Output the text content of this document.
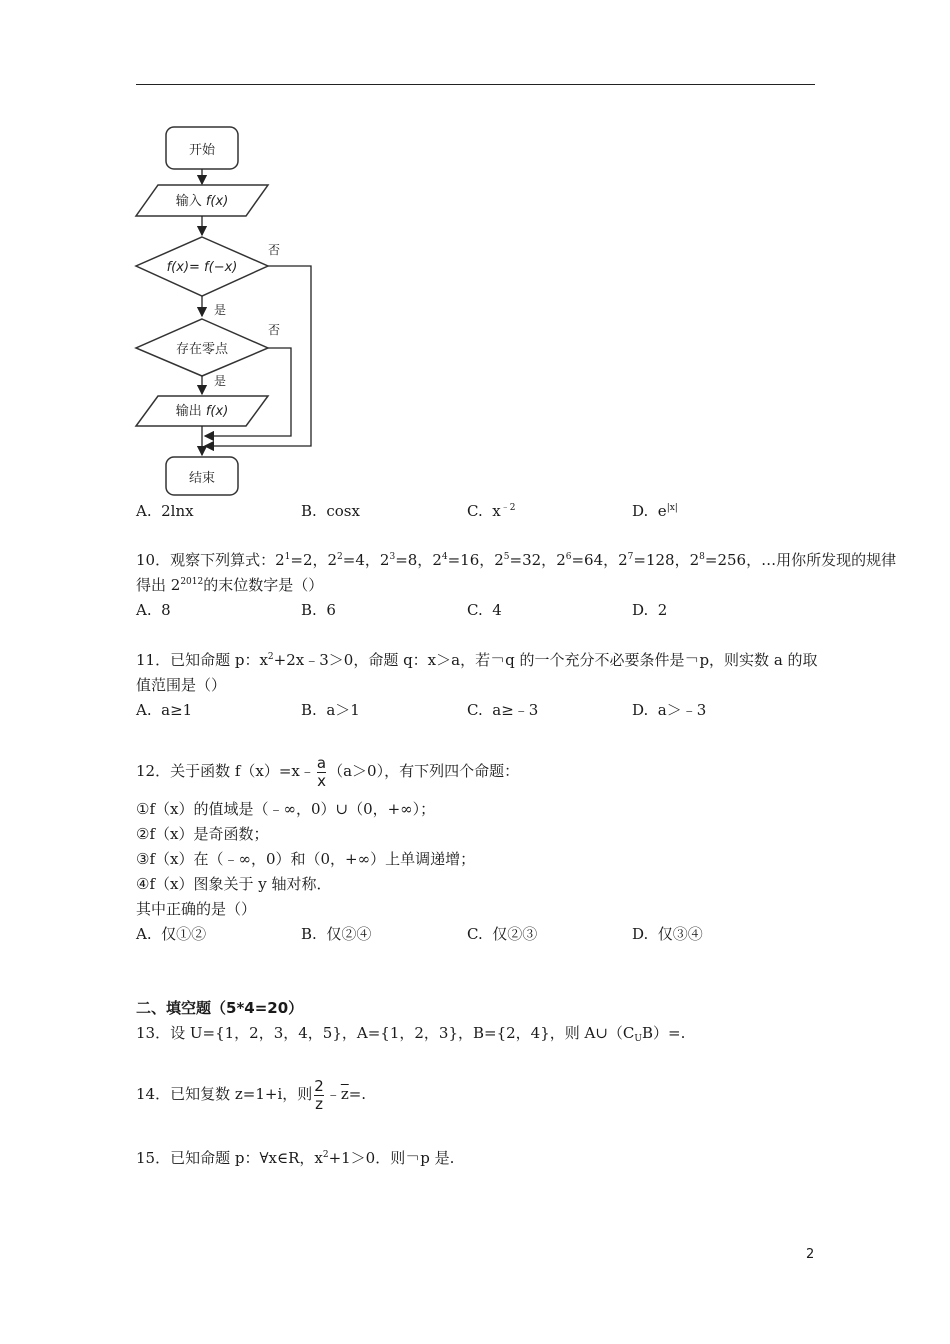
开始
输入 f(x)
f(x)= f(−x)
否
是
存在零点
否
是
输出 f(x)
结束
A.  2lnx	B.  cosx	C.  $x^{﹣2}$	D.  $e^{|x|}$
10．观察下列算式：$2^1=2$，$2^2=4$，$2^3=8$，$2^4=16$，$2^5=32$，$2^6=64$，$2^7=128$，$2^8=256$，…用你所发现的规律
得出 $2^{2012}$的末位数字是（）
A.  8	B.  6	C.  4	D.  2
11．已知命题 p：$x^2+2x﹣3>0$，命题 q：x＞a，若￢q 的一个充分不必要条件是￢p，则实数 a 的取
值范围是（）
A.  a≥1	B.  a＞1	C.  a≥﹣3	D.  a＞﹣3
12．关于函数 f（x）=x﹣ $\frac{a}{x} (a>0)$，有下列四个命题：
①f（x）的值域是（﹣∞，0）∪（0，+∞）；
②f（x）是奇函数；
③f（x）在（﹣∞，0）和（0，+∞）上单调递增；
④f（x）图象关于 y 轴对称．
其中正确的是（）
A.  仅①②	B.  仅②④	C.  仅②③	D.  仅③④
二、填空题（5*4=20）
13．设 U={1，2，3，4，5}，A={1，2，3}，B={2，4}，则 $A\cup(C_UB)=$.
14．已知复数 z=1+i，则 $\frac{2}{z}$ $﹣\overline{z}=$.
15．已知命题 p：∀x∈R，$x^2+1>0$．则￢p 是.
2
